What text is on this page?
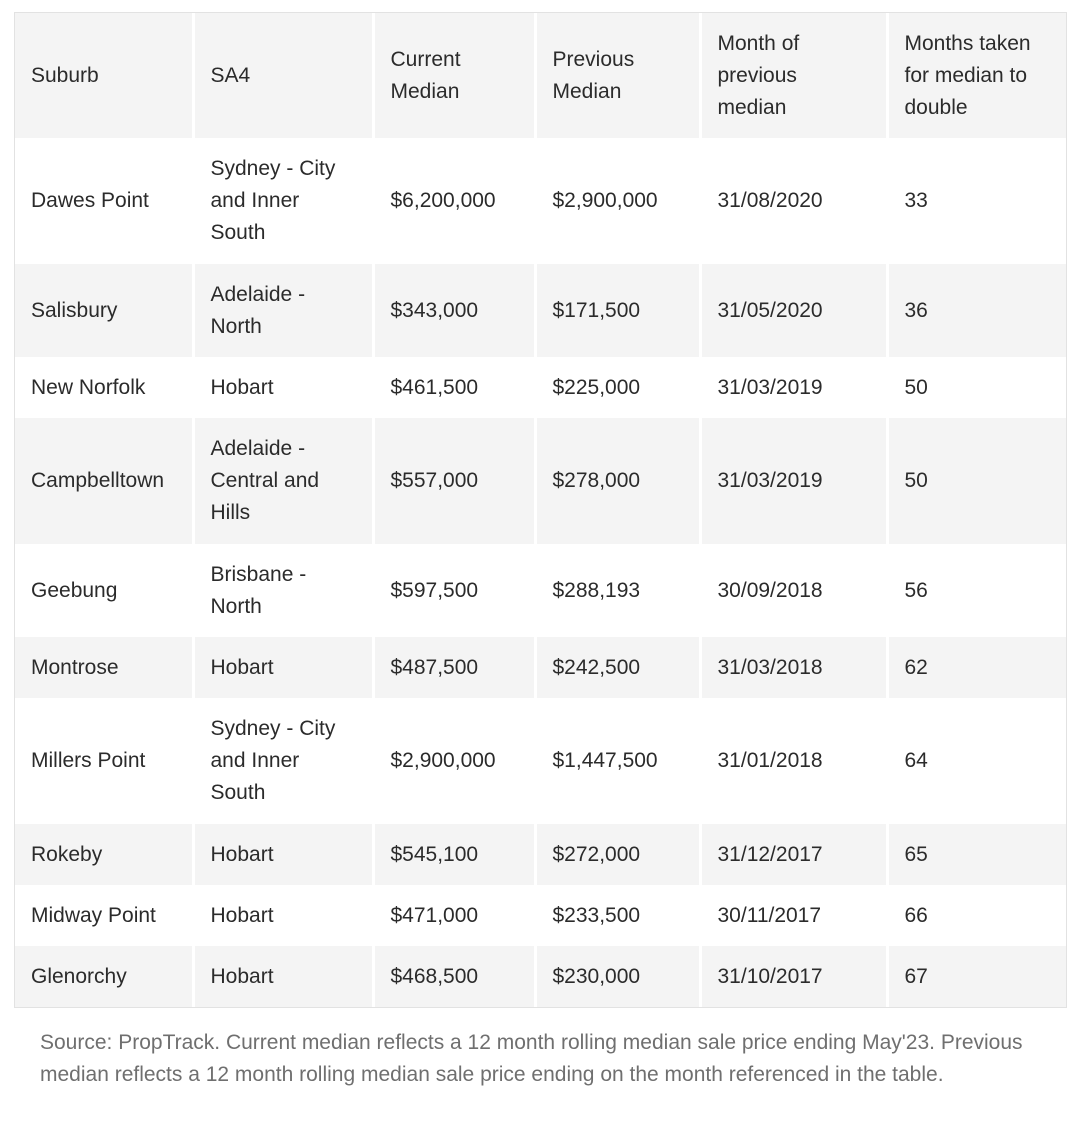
Suburb	SA4	Current Median	Previous Median	Month of previous median	Months taken for median to double
Dawes Point	Sydney - City and Inner South	$6,200,000	$2,900,000	31/08/2020	33
Salisbury	Adelaide - North	$343,000	$171,500	31/05/2020	36
New Norfolk	Hobart	$461,500	$225,000	31/03/2019	50
Campbelltown	Adelaide - Central and Hills	$557,000	$278,000	31/03/2019	50
Geebung	Brisbane - North	$597,500	$288,193	30/09/2018	56
Montrose	Hobart	$487,500	$242,500	31/03/2018	62
Millers Point	Sydney - City and Inner South	$2,900,000	$1,447,500	31/01/2018	64
Rokeby	Hobart	$545,100	$272,000	31/12/2017	65
Midway Point	Hobart	$471,000	$233,500	30/11/2017	66
Glenorchy	Hobart	$468,500	$230,000	31/10/2017	67
Source: PropTrack. Current median reflects a 12 month rolling median sale price ending May'23. Previous median reflects a 12 month rolling median sale price ending on the month referenced in the table.
